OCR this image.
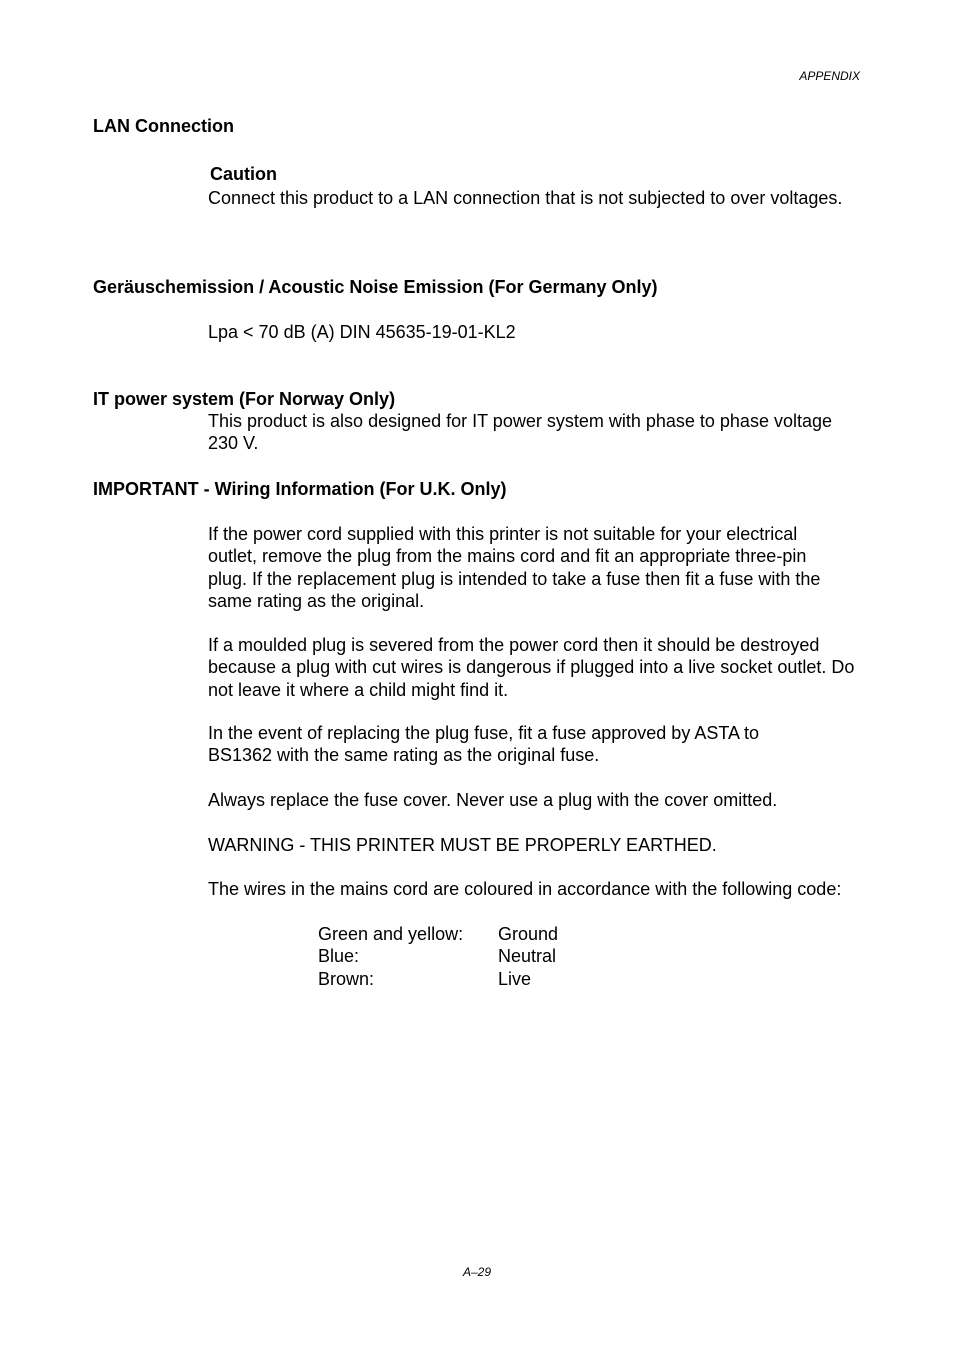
APPENDIX
LAN Connection
Caution
Connect this product to a LAN connection that is not subjected to over voltages.
Geräuschemission / Acoustic Noise Emission (For Germany Only)
Lpa < 70 dB (A) DIN 45635-19-01-KL2
IT power system (For Norway Only)
This product is also designed for IT power system with phase to phase voltage 230 V.
IMPORTANT - Wiring Information (For U.K. Only)
If the power cord supplied with this printer is not suitable for your electrical outlet, remove the plug from the mains cord and fit an appropriate three-pin plug. If the replacement plug is intended to take a fuse then fit a fuse with the same rating as the original.
If a moulded plug is severed from the power cord then it should be destroyed because a plug with cut wires is dangerous if plugged into a live socket outlet. Do not leave it where a child might find it.
In the event of replacing the plug fuse, fit a fuse approved by ASTA to BS1362 with the same rating as the original fuse.
Always replace the fuse cover. Never use a plug with the cover omitted.
WARNING - THIS PRINTER MUST BE PROPERLY EARTHED.
The wires in the mains cord are coloured in accordance with the following code:
Green and yellow:	Ground
Blue:	Neutral
Brown:	Live
A–29
